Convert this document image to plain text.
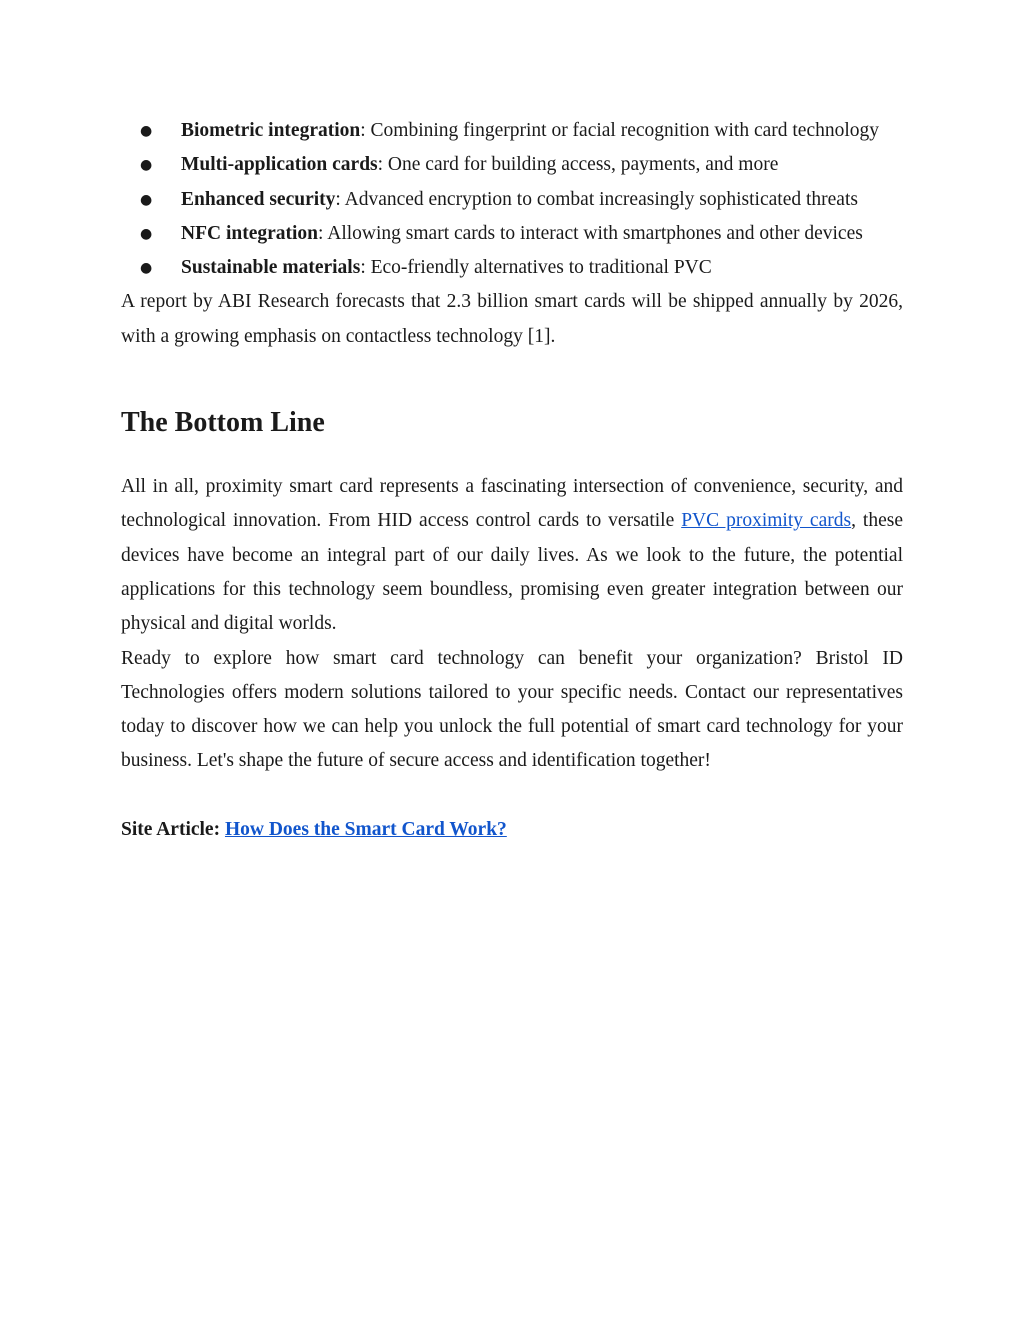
● Biometric integration: Combining fingerprint or facial recognition with card technology
● Multi-application cards: One card for building access, payments, and more
● Enhanced security: Advanced encryption to combat increasingly sophisticated threats
● NFC integration: Allowing smart cards to interact with smartphones and other devices
● Sustainable materials: Eco-friendly alternatives to traditional PVC

A report by ABI Research forecasts that 2.3 billion smart cards will be shipped annually by 2026, with a growing emphasis on contactless technology [1].

The Bottom Line

All in all, proximity smart card represents a fascinating intersection of convenience, security, and technological innovation. From HID access control cards to versatile PVC proximity cards, these devices have become an integral part of our daily lives. As we look to the future, the potential applications for this technology seem boundless, promising even greater integration between our physical and digital worlds.

Ready to explore how smart card technology can benefit your organization? Bristol ID Technologies offers modern solutions tailored to your specific needs. Contact our representatives today to discover how we can help you unlock the full potential of smart card technology for your business. Let's shape the future of secure access and identification together!

Site Article: How Does the Smart Card Work?
